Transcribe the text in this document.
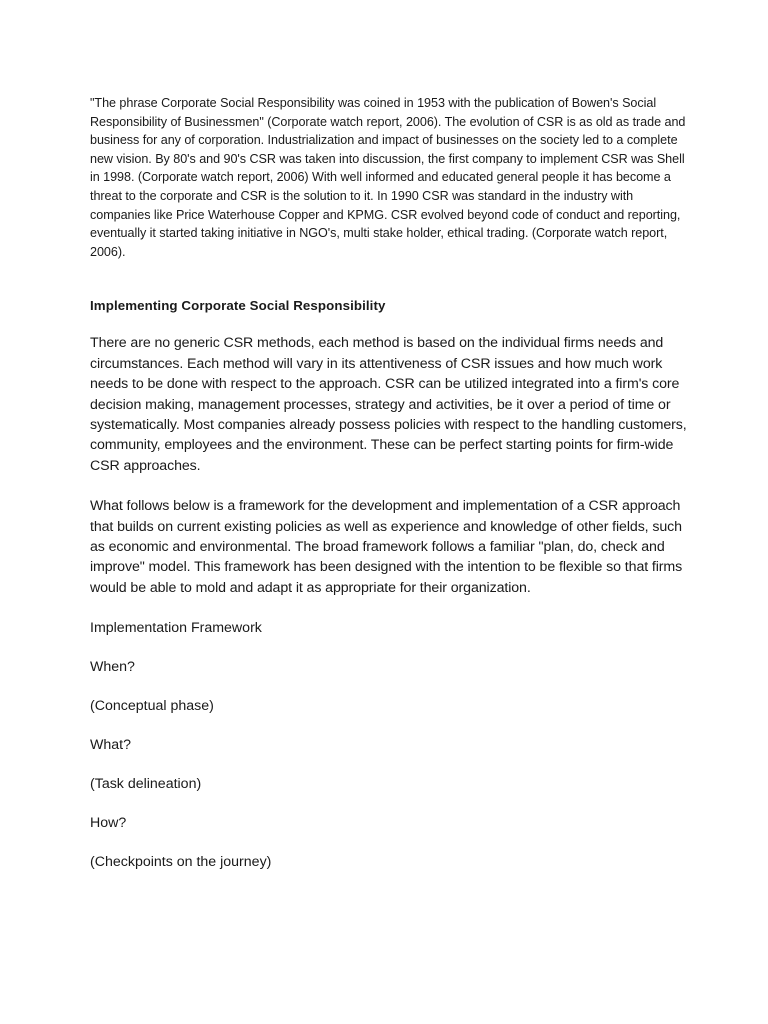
"The phrase Corporate Social Responsibility was coined in 1953 with the publication of Bowen's Social Responsibility of Businessmen" (Corporate watch report, 2006). The evolution of CSR is as old as trade and business for any of corporation. Industrialization and impact of businesses on the society led to a complete new vision. By 80's and 90's CSR was taken into discussion, the first company to implement CSR was Shell in 1998. (Corporate watch report, 2006) With well informed and educated general people it has become a threat to the corporate and CSR is the solution to it. In 1990 CSR was standard in the industry with companies like Price Waterhouse Copper and KPMG. CSR evolved beyond code of conduct and reporting, eventually it started taking initiative in NGO's, multi stake holder, ethical trading. (Corporate watch report, 2006).

Implementing Corporate Social Responsibility

There are no generic CSR methods, each method is based on the individual firms needs and circumstances. Each method will vary in its attentiveness of CSR issues and how much work needs to be done with respect to the approach. CSR can be utilized integrated into a firm's core decision making, management processes, strategy and activities, be it over a period of time or systematically. Most companies already possess policies with respect to the handling customers, community, employees and the environment. These can be perfect starting points for firm-wide CSR approaches.

What follows below is a framework for the development and implementation of a CSR approach that builds on current existing policies as well as experience and knowledge of other fields, such as economic and environmental. The broad framework follows a familiar "plan, do, check and improve" model. This framework has been designed with the intention to be flexible so that firms would be able to mold and adapt it as appropriate for their organization.

Implementation Framework
When?
(Conceptual phase)
What?
(Task delineation)
How?
(Checkpoints on the journey)
